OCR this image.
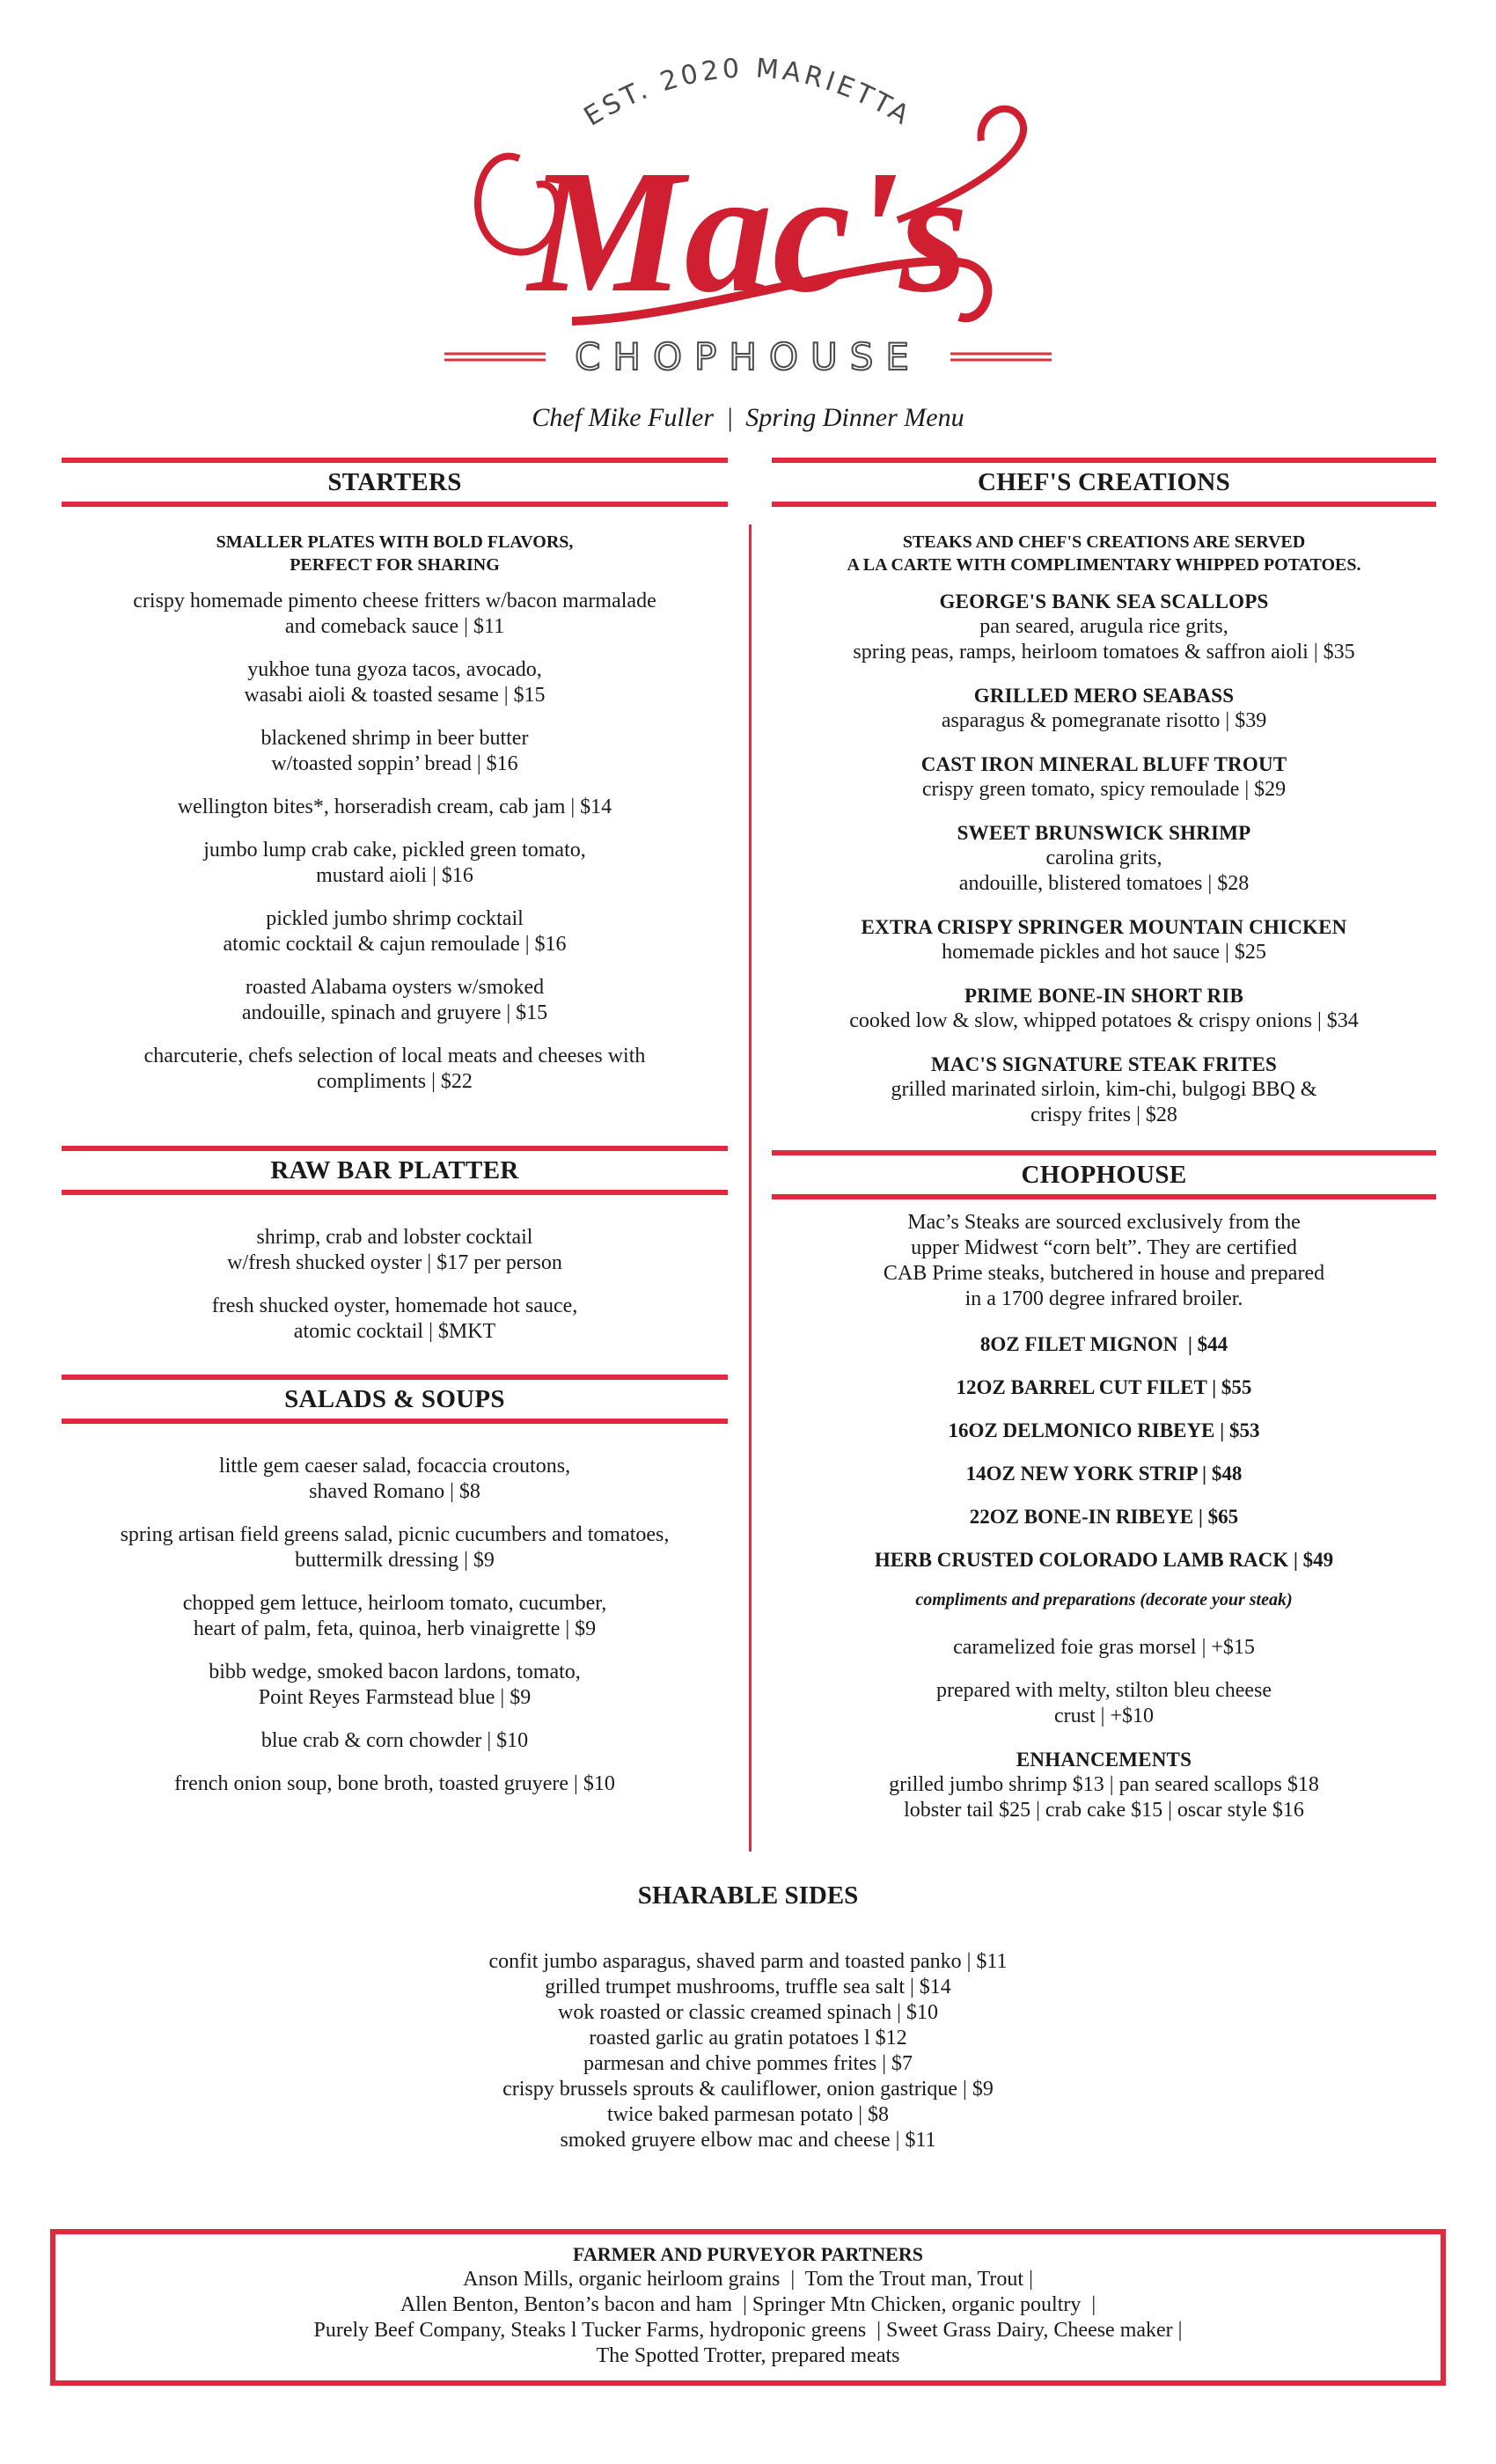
EST. 2020 MARIETTA
Mac's
CHOPHOUSE
Chef Mike Fuller | Spring Dinner Menu
STARTERS
SMALLER PLATES WITH BOLD FLAVORS,
PERFECT FOR SHARING
crispy homemade pimento cheese fritters w/bacon marmalade
and comeback sauce | $11
yukhoe tuna gyoza tacos, avocado,
wasabi aioli & toasted sesame | $15
blackened shrimp in beer butter
w/toasted soppin’ bread | $16
wellington bites*, horseradish cream, cab jam | $14
jumbo lump crab cake, pickled green tomato,
mustard aioli | $16
pickled jumbo shrimp cocktail
atomic cocktail & cajun remoulade | $16
roasted Alabama oysters w/smoked
andouille, spinach and gruyere | $15
charcuterie, chefs selection of local meats and cheeses with
compliments | $22
RAW BAR PLATTER
shrimp, crab and lobster cocktail
w/fresh shucked oyster | $17 per person
fresh shucked oyster, homemade hot sauce,
atomic cocktail | $MKT
SALADS & SOUPS
little gem caeser salad, focaccia croutons,
shaved Romano | $8
spring artisan field greens salad, picnic cucumbers and tomatoes,
buttermilk dressing | $9
chopped gem lettuce, heirloom tomato, cucumber,
heart of palm, feta, quinoa, herb vinaigrette | $9
bibb wedge, smoked bacon lardons, tomato,
Point Reyes Farmstead blue | $9
blue crab & corn chowder | $10
french onion soup, bone broth, toasted gruyere | $10
CHEF'S CREATIONS
STEAKS AND CHEF'S CREATIONS ARE SERVED
A LA CARTE WITH COMPLIMENTARY WHIPPED POTATOES.
GEORGE'S BANK SEA SCALLOPS
pan seared, arugula rice grits,
spring peas, ramps, heirloom tomatoes & saffron aioli | $35
GRILLED MERO SEABASS
asparagus & pomegranate risotto | $39
CAST IRON MINERAL BLUFF TROUT
crispy green tomato, spicy remoulade | $29
SWEET BRUNSWICK SHRIMP
carolina grits,
andouille, blistered tomatoes | $28
EXTRA CRISPY SPRINGER MOUNTAIN CHICKEN
homemade pickles and hot sauce | $25
PRIME BONE-IN SHORT RIB
cooked low & slow, whipped potatoes & crispy onions | $34
MAC'S SIGNATURE STEAK FRITES
grilled marinated sirloin, kim-chi, bulgogi BBQ &
crispy frites | $28
CHOPHOUSE
Mac’s Steaks are sourced exclusively from the
upper Midwest “corn belt”. They are certified
CAB Prime steaks, butchered in house and prepared
in a 1700 degree infrared broiler.
8OZ FILET MIGNON  | $44
12OZ BARREL CUT FILET | $55
16OZ DELMONICO RIBEYE | $53
14OZ NEW YORK STRIP | $48
22OZ BONE-IN RIBEYE | $65
HERB CRUSTED COLORADO LAMB RACK | $49
compliments and preparations (decorate your steak)
caramelized foie gras morsel | +$15
prepared with melty, stilton bleu cheese
crust | +$10
ENHANCEMENTS
grilled jumbo shrimp $13 | pan seared scallops $18
lobster tail $25 | crab cake $15 | oscar style $16
SHARABLE SIDES
confit jumbo asparagus, shaved parm and toasted panko | $11
grilled trumpet mushrooms, truffle sea salt | $14
wok roasted or classic creamed spinach | $10
roasted garlic au gratin potatoes l $12
parmesan and chive pommes frites | $7
crispy brussels sprouts & cauliflower, onion gastrique | $9
twice baked parmesan potato | $8
smoked gruyere elbow mac and cheese | $11
FARMER AND PURVEYOR PARTNERS
Anson Mills, organic heirloom grains  |  Tom the Trout man, Trout |
Allen Benton, Benton’s bacon and ham  | Springer Mtn Chicken, organic poultry  |
Purely Beef Company, Steaks l Tucker Farms, hydroponic greens  | Sweet Grass Dairy, Cheese maker |
The Spotted Trotter, prepared meats
